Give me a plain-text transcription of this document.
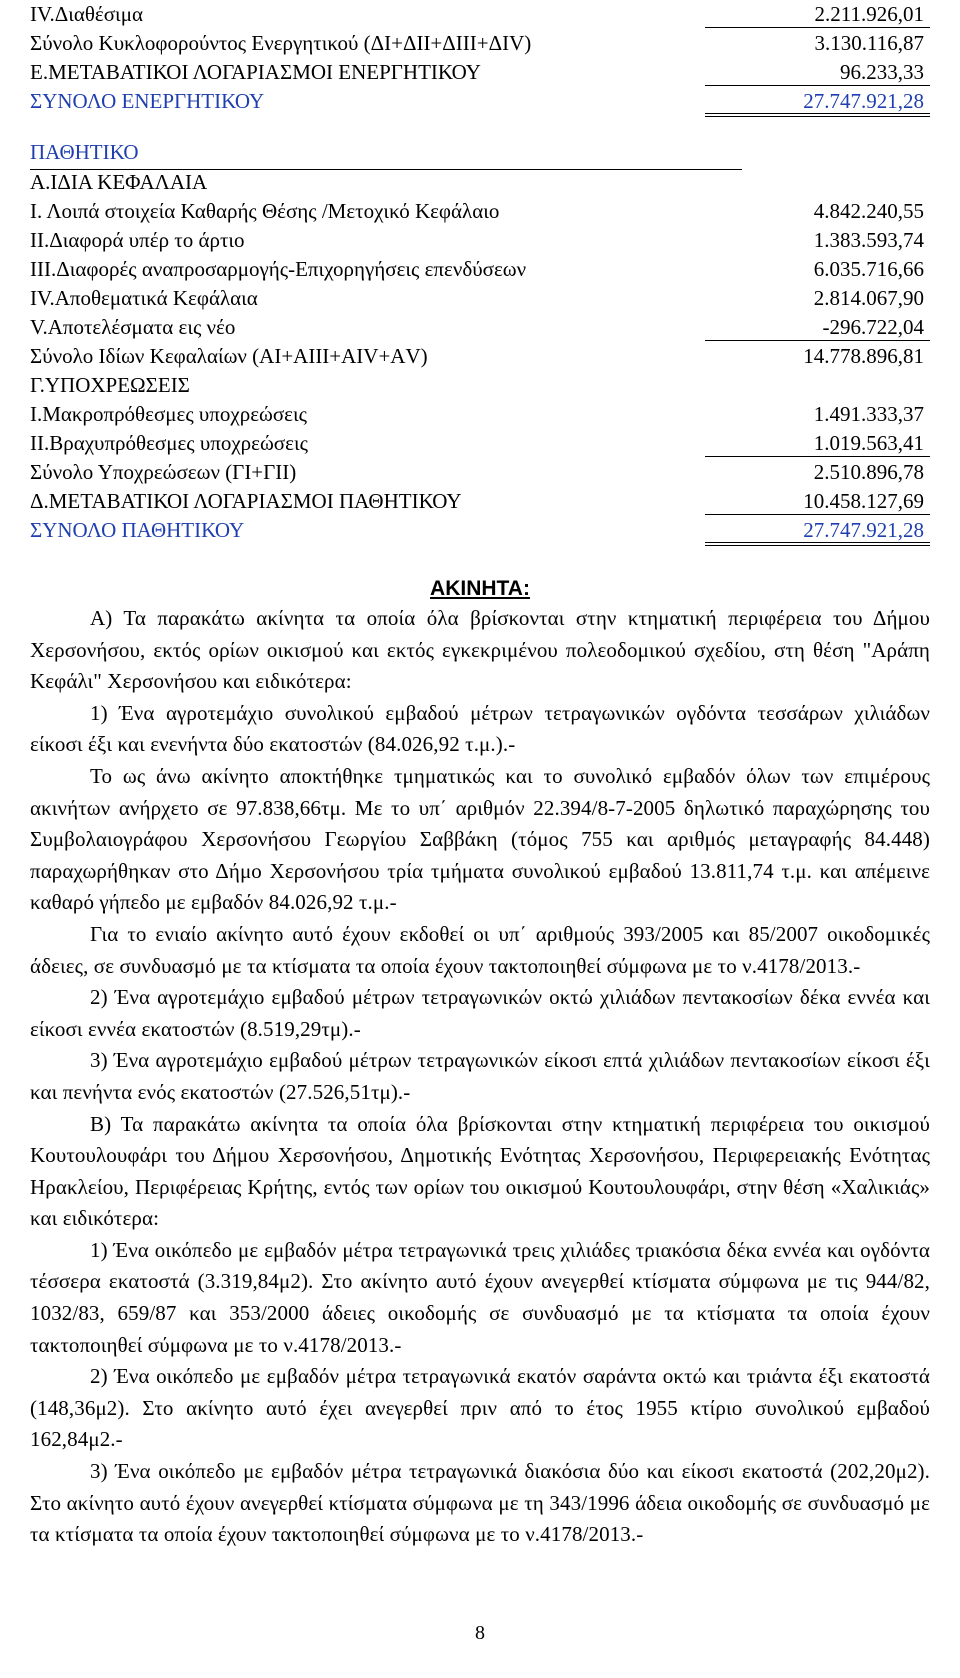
IV.Διαθέσιμα	2.211.926,01
Σύνολο Κυκλοφορούντος Ενεργητικού (ΔΙ+ΔΙΙ+ΔΙΙΙ+ΔΙV)	3.130.116,87
Ε.ΜΕΤΑΒΑΤΙΚΟΙ ΛΟΓΑΡΙΑΣΜΟΙ ΕΝΕΡΓΗΤΙΚΟΥ	96.233,33
ΣΥΝΟΛΟ ΕΝΕΡΓΗΤΙΚΟΥ	27.747.921,28
ΠΑΘΗΤΙΚΟ
Α.ΙΔΙΑ ΚΕΦΑΛΑΙΑ
Ι. Λοιπά στοιχεία Καθαρής Θέσης /Μετοχικό Κεφάλαιο	4.842.240,55
ΙΙ.Διαφορά υπέρ το άρτιο	1.383.593,74
ΙΙΙ.Διαφορές αναπροσαρμογής-Επιχορηγήσεις επενδύσεων	6.035.716,66
ΙV.Αποθεματικά Κεφάλαια	2.814.067,90
V.Αποτελέσματα εις νέο	-296.722,04
Σύνολο Ιδίων Κεφαλαίων (ΑΙ+ΑΙΙΙ+ΑΙV+ΑV)	14.778.896,81
Γ.ΥΠΟΧΡΕΩΣΕΙΣ
Ι.Μακροπρόθεσμες υποχρεώσεις	1.491.333,37
ΙΙ.Βραχυπρόθεσμες υποχρεώσεις	1.019.563,41
Σύνολο Υποχρεώσεων (ΓΙ+ΓΙΙ)	2.510.896,78
Δ.ΜΕΤΑΒΑΤΙΚΟΙ ΛΟΓΑΡΙΑΣΜΟΙ ΠΑΘΗΤΙΚΟΥ	10.458.127,69
ΣΥΝΟΛΟ ΠΑΘΗΤΙΚΟΥ	27.747.921,28
ΑΚΙΝΗΤΑ:

Α) Τα παρακάτω ακίνητα τα οποία όλα βρίσκονται στην κτηματική περιφέρεια του Δήμου Χερσονήσου, εκτός ορίων οικισμού και εκτός εγκεκριμένου πολεοδομικού σχεδίου, στη θέση "Αράπη Κεφάλι" Χερσονήσου και ειδικότερα:

1) Ένα αγροτεμάχιο συνολικού εμβαδού μέτρων τετραγωνικών ογδόντα τεσσάρων χιλιάδων είκοσι έξι και ενενήντα δύο εκατοστών (84.026,92 τ.μ.).-

Το ως άνω ακίνητο αποκτήθηκε τμηματικώς και το συνολικό εμβαδόν όλων των επιμέρους ακινήτων ανήρχετο σε 97.838,66τμ. Με το υπ΄ αριθμόν 22.394/8-7-2005 δηλωτικό παραχώρησης του Συμβολαιογράφου Χερσονήσου Γεωργίου Σαββάκη (τόμος 755 και αριθμός μεταγραφής 84.448) παραχωρήθηκαν στο Δήμο Χερσονήσου τρία τμήματα συνολικού εμβαδού 13.811,74 τ.μ. και απέμεινε καθαρό γήπεδο με εμβαδόν 84.026,92 τ.μ.-

Για το ενιαίο ακίνητο αυτό έχουν εκδοθεί οι υπ΄ αριθμούς 393/2005 και 85/2007 οικοδομικές άδειες, σε συνδυασμό με τα κτίσματα τα οποία έχουν τακτοποιηθεί σύμφωνα με το ν.4178/2013.-

2) Ένα αγροτεμάχιο εμβαδού μέτρων τετραγωνικών οκτώ χιλιάδων πεντακοσίων δέκα εννέα και είκοσι εννέα εκατοστών (8.519,29τμ).-

3) Ένα αγροτεμάχιο εμβαδού μέτρων τετραγωνικών είκοσι επτά χιλιάδων πεντακοσίων είκοσι έξι και πενήντα ενός εκατοστών (27.526,51τμ).-

Β) Τα παρακάτω ακίνητα τα οποία όλα βρίσκονται στην κτηματική περιφέρεια του οικισμού Κουτουλουφάρι του Δήμου Χερσονήσου, Δημοτικής Ενότητας Χερσονήσου, Περιφερειακής Ενότητας Ηρακλείου, Περιφέρειας Κρήτης, εντός των ορίων του οικισμού Κουτουλουφάρι, στην θέση «Χαλικιάς» και ειδικότερα:

1) Ένα οικόπεδο με εμβαδόν μέτρα τετραγωνικά τρεις χιλιάδες τριακόσια δέκα εννέα και ογδόντα τέσσερα εκατοστά (3.319,84μ2). Στο ακίνητο αυτό έχουν ανεγερθεί κτίσματα σύμφωνα με τις 944/82, 1032/83, 659/87 και 353/2000 άδειες οικοδομής σε συνδυασμό με τα κτίσματα τα οποία έχουν τακτοποιηθεί σύμφωνα με το ν.4178/2013.-

2) Ένα οικόπεδο με εμβαδόν μέτρα τετραγωνικά εκατόν σαράντα οκτώ και τριάντα έξι εκατοστά (148,36μ2). Στο ακίνητο αυτό έχει ανεγερθεί πριν από το έτος 1955 κτίριο συνολικού εμβαδού 162,84μ2.-

3) Ένα οικόπεδο με εμβαδόν μέτρα τετραγωνικά διακόσια δύο και είκοσι εκατοστά (202,20μ2). Στο ακίνητο αυτό έχουν ανεγερθεί κτίσματα σύμφωνα με τη 343/1996 άδεια οικοδομής σε συνδυασμό με τα κτίσματα τα οποία έχουν τακτοποιηθεί σύμφωνα με το ν.4178/2013.-

8
